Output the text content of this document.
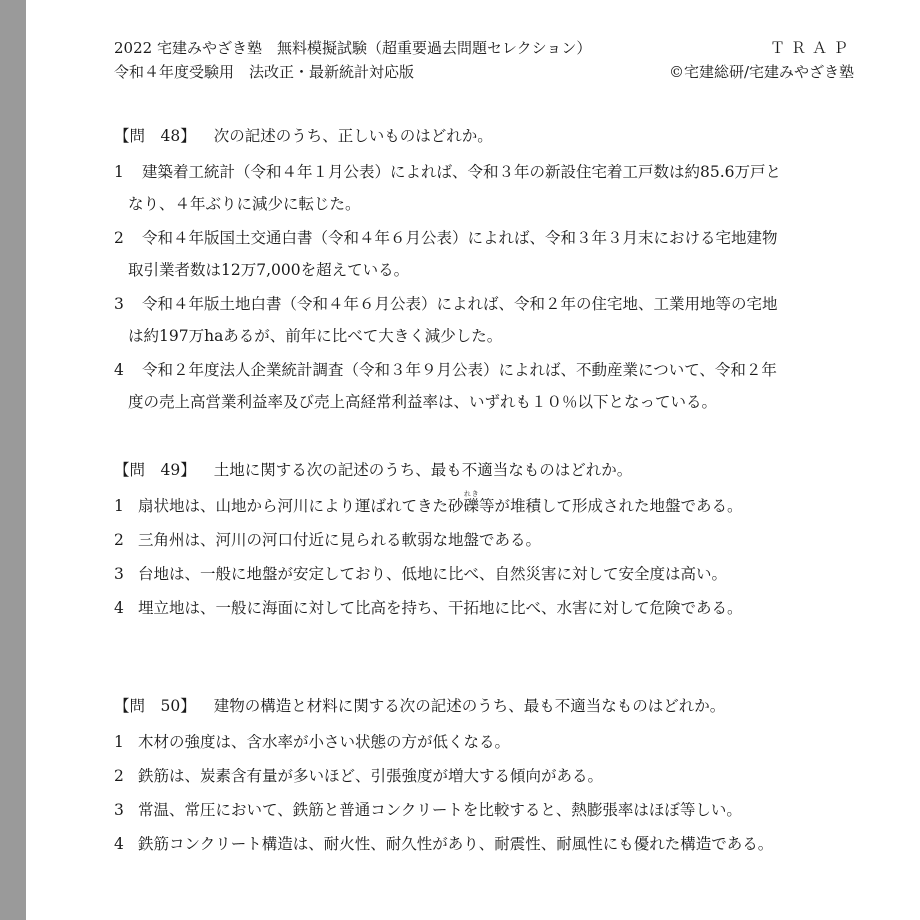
2022 宅建みやざき塾　無料模擬試験（超重要過去問題セレクション）	ＴＲＡＰ
令和４年度受験用　法改正・最新統計対応版	©宅建総研/宅建みやざき塾
【問　48】 次の記述のうち、正しいものはどれか。
1 建築着工統計（令和４年１月公表）によれば、令和３年の新設住宅着工戸数は約85.6万戸と
なり、４年ぶりに減少に転じた。
2 令和４年版国土交通白書（令和４年６月公表）によれば、令和３年３月末における宅地建物
取引業者数は12万7,000を超えている。
3 令和４年版土地白書（令和４年６月公表）によれば、令和２年の住宅地、工業用地等の宅地
は約197万haあるが、前年に比べて大きく減少した。
4 令和２年度法人企業統計調査（令和３年９月公表）によれば、不動産業について、令和２年
度の売上高営業利益率及び売上高経常利益率は、いずれも１０％以下となっている。
【問　49】 土地に関する次の記述のうち、最も不適当なものはどれか。
1 扇状地は、山地から河川により運ばれてきた砂礫れき等が堆積して形成された地盤である。
2 三角州は、河川の河口付近に見られる軟弱な地盤である。
3 台地は、一般に地盤が安定しており、低地に比べ、自然災害に対して安全度は高い。
4 埋立地は、一般に海面に対して比高を持ち、干拓地に比べ、水害に対して危険である。
【問　50】 建物の構造と材料に関する次の記述のうち、最も不適当なものはどれか。
1 木材の強度は、含水率が小さい状態の方が低くなる。
2 鉄筋は、炭素含有量が多いほど、引張強度が増大する傾向がある。
3 常温、常圧において、鉄筋と普通コンクリートを比較すると、熱膨張率はほぼ等しい。
4 鉄筋コンクリート構造は、耐火性、耐久性があり、耐震性、耐風性にも優れた構造である。
